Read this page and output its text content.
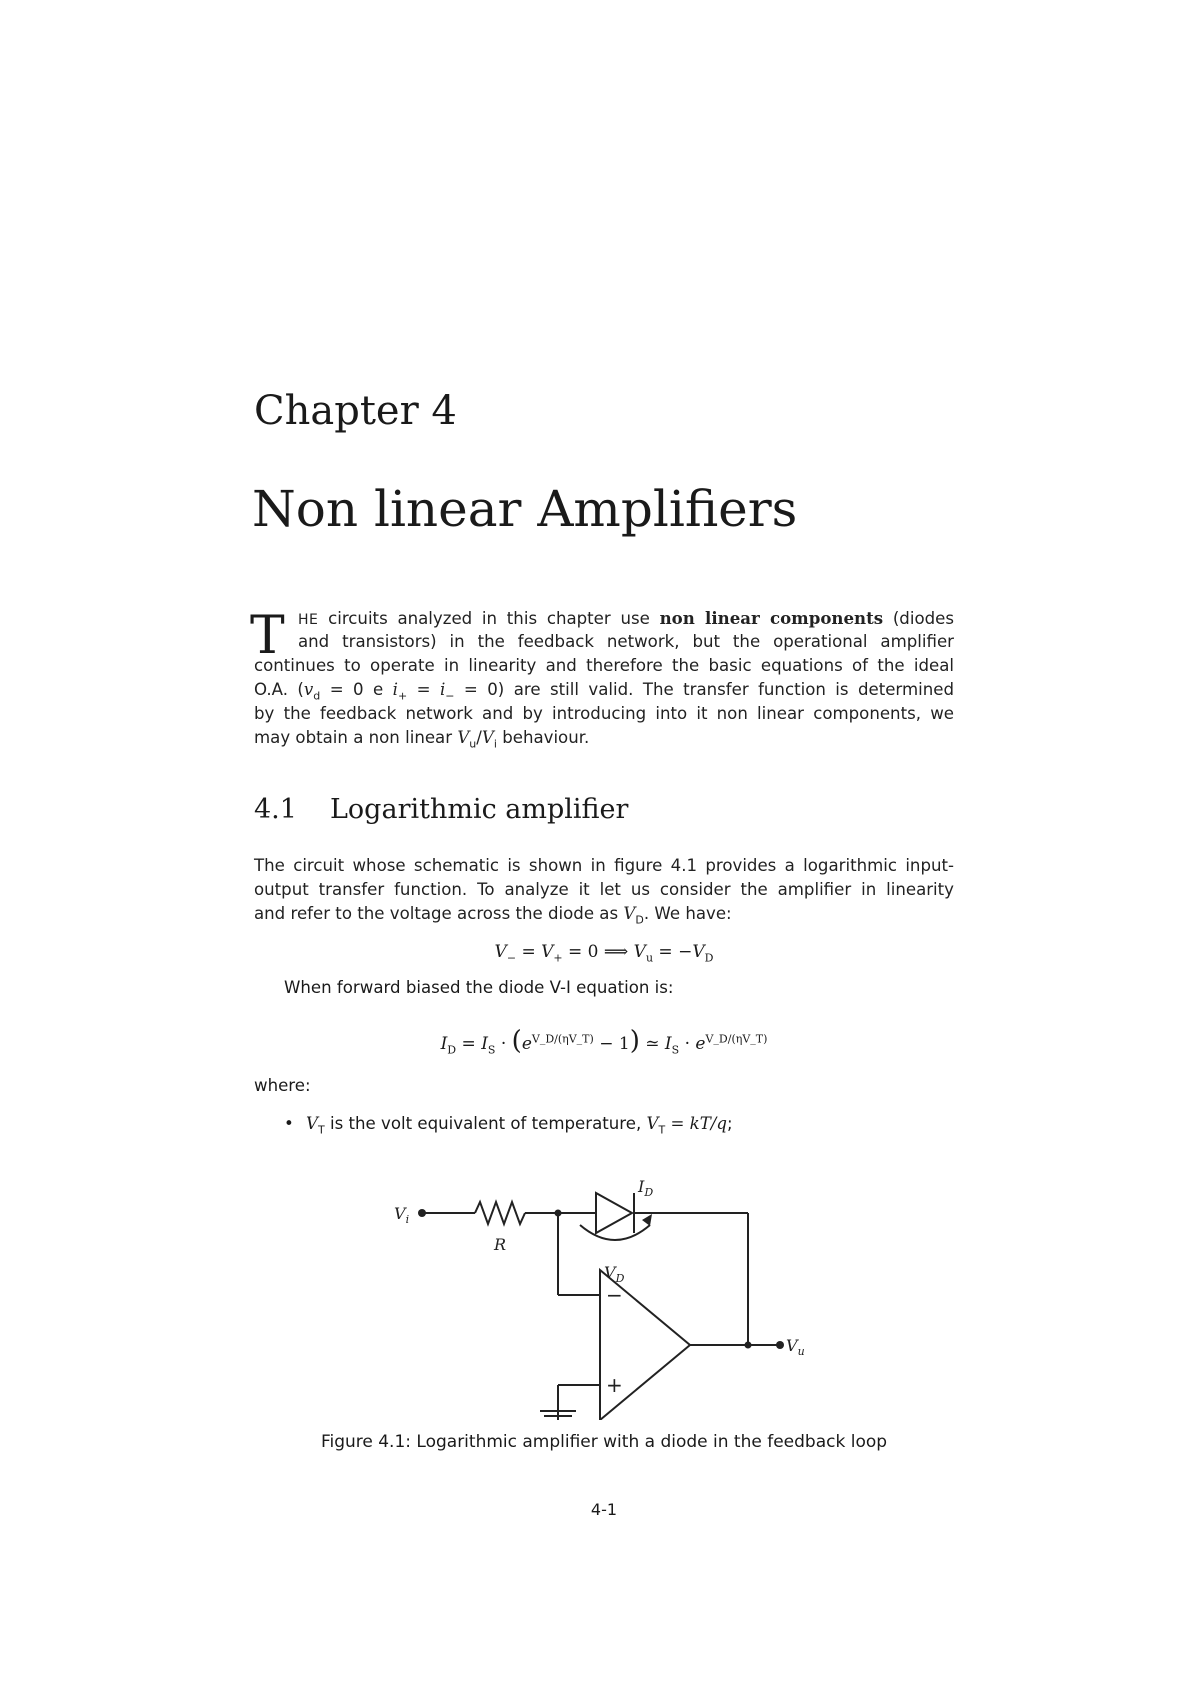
Chapter 4
Non linear Amplifiers
T HE circuits analyzed in this chapter use non linear components (diodes
and transistors) in the feedback network, but the operational amplifier
continues to operate in linearity and therefore the basic equations of the ideal
O.A. ($v_d = 0$ e $i_+ = i_- = 0$) are still valid. The transfer function is determined
by the feedback network and by introducing into it non linear components, we
may obtain a non linear $V_u/V_i$ behaviour.
4.1 Logarithmic amplifier
The circuit whose schematic is shown in figure 4.1 provides a logarithmic input-
output transfer function. To analyze it let us consider the amplifier in linearity
and refer to the voltage across the diode as $V_D$. We have:
$V_- = V_+ = 0$ ⟹ $V_u = -V_D$
When forward biased the diode V-I equation is:
$I_D = I_S \cdot (e^{V\_D/(\eta V\_T)} - 1)$ ≃ $I_S \cdot e^{V\_D/(\eta V\_T)}$
where:
• $V_T$ is the volt equivalent of temperature, $V_T = kT/q$;
$V_i$
R
$I_D$
$V_D$
$V_u$
−
+
Figure 4.1: Logarithmic amplifier with a diode in the feedback loop
4-1
